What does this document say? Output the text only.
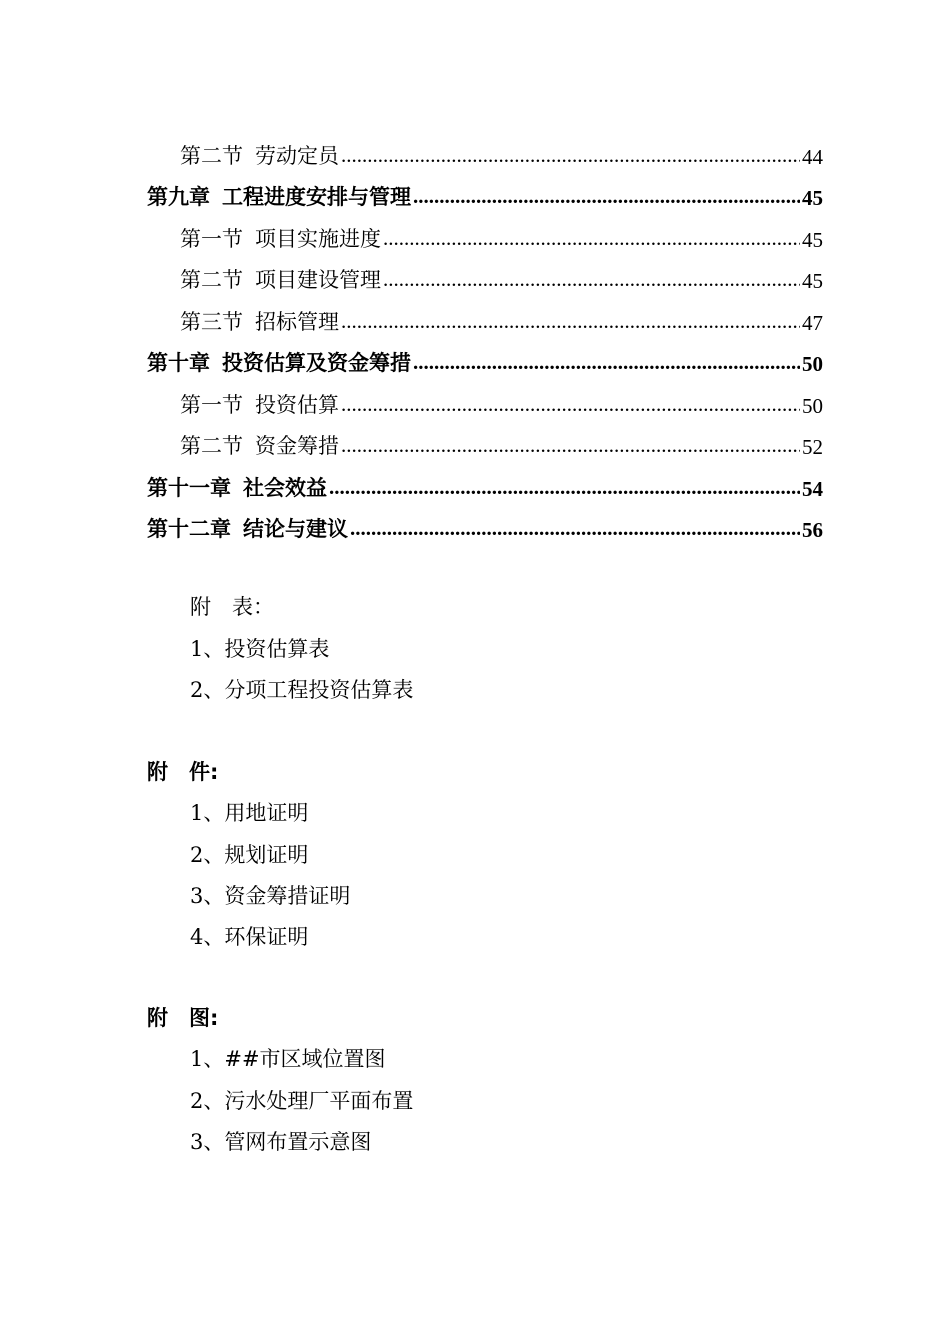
第二节 劳动定员 .....	44
第九章 工程进度安排与管理 .....	45
第一节 项目实施进度 .....	45
第二节 项目建设管理 .....	45
第三节 招标管理 .....	47
第十章 投资估算及资金筹措 .....	50
第一节 投资估算 .....	50
第二节 资金筹措 .....	52
第十一章 社会效益 .....	54
第十二章 结论与建议 .....	56
附　表：
1、投资估算表
2、分项工程投资估算表
附　件:
1、用地证明
2、规划证明
3、资金筹措证明
4、环保证明
附　图:
1、##市区域位置图
2、污水处理厂平面布置
3、管网布置示意图
